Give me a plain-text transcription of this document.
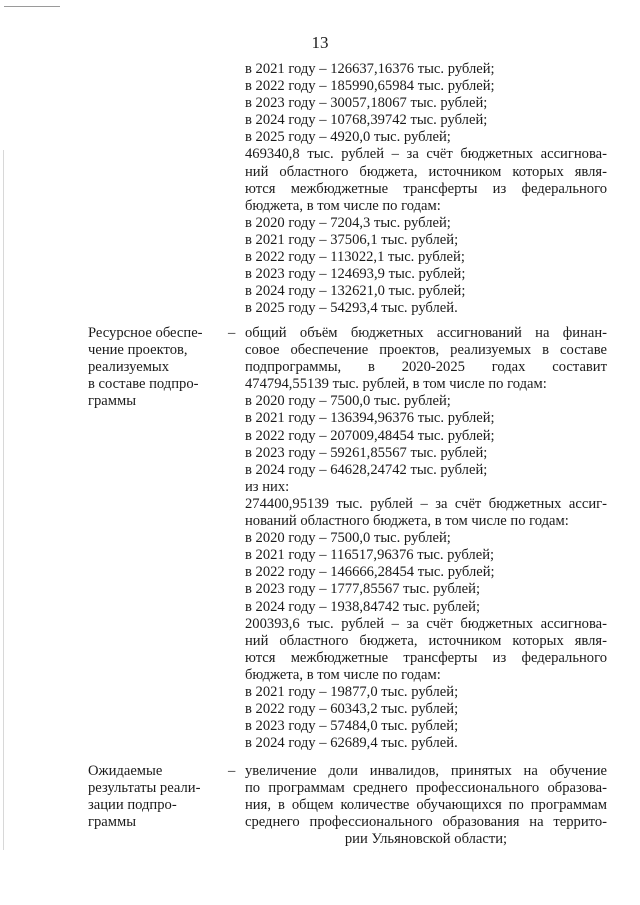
13
в 2021 году – 126637,16376 тыс. рублей;
в 2022 году – 185990,65984 тыс. рублей;
в 2023 году – 30057,18067 тыс. рублей;
в 2024 году – 10768,39742 тыс. рублей;
в 2025 году – 4920,0 тыс. рублей;
469340,8 тыс. рублей – за счёт бюджетных ассигнова-
ний областного бюджета, источником которых явля-
ются межбюджетные трансферты из федерального
бюджета, в том числе по годам:
в 2020 году – 7204,3 тыс. рублей;
в 2021 году – 37506,1 тыс. рублей;
в 2022 году – 113022,1 тыс. рублей;
в 2023 году – 124693,9 тыс. рублей;
в 2024 году – 132621,0 тыс. рублей;
в 2025 году – 54293,4 тыс. рублей.
Ресурсное обеспе-
чение проектов,
реализуемых
в составе подпро-
граммы
– общий объём бюджетных ассигнований на финан-
совое обеспечение проектов, реализуемых в составе
подпрограммы, в 2020-2025 годах составит
474794,55139 тыс. рублей, в том числе по годам:
в 2020 году – 7500,0 тыс. рублей;
в 2021 году – 136394,96376 тыс. рублей;
в 2022 году – 207009,48454 тыс. рублей;
в 2023 году – 59261,85567 тыс. рублей;
в 2024 году – 64628,24742 тыс. рублей;
из них:
274400,95139 тыс. рублей – за счёт бюджетных ассиг-
нований областного бюджета, в том числе по годам:
в 2020 году – 7500,0 тыс. рублей;
в 2021 году – 116517,96376 тыс. рублей;
в 2022 году – 146666,28454 тыс. рублей;
в 2023 году – 1777,85567 тыс. рублей;
в 2024 году – 1938,84742 тыс. рублей;
200393,6 тыс. рублей – за счёт бюджетных ассигнова-
ний областного бюджета, источником которых явля-
ются межбюджетные трансферты из федерального
бюджета, в том числе по годам:
в 2021 году – 19877,0 тыс. рублей;
в 2022 году – 60343,2 тыс. рублей;
в 2023 году – 57484,0 тыс. рублей;
в 2024 году – 62689,4 тыс. рублей.
Ожидаемые
результаты реали-
зации подпро-
граммы
– увеличение доли инвалидов, принятых на обучение
по программам среднего профессионального образова-
ния, в общем количестве обучающихся по программам
среднего профессионального образования на террито-
рии Ульяновской области;
